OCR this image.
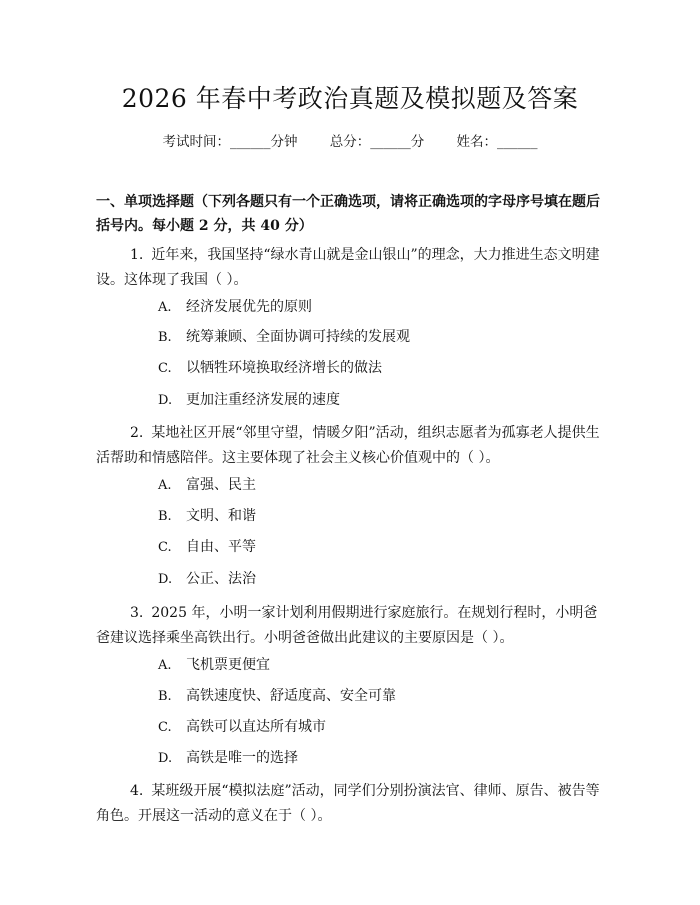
2026 年春中考政治真题及模拟题及答案
考试时间：______分钟 总分：______分 姓名：______
一、单项选择题（下列各题只有一个正确选项，请将正确选项的字母序号填在题后括号内。每小题 2 分，共 40 分）
1. 近年来，我国坚持“绿水青山就是金山银山”的理念，大力推进生态文明建设。这体现了我国（ ）。
A. 经济发展优先的原则
B. 统筹兼顾、全面协调可持续的发展观
C. 以牺牲环境换取经济增长的做法
D. 更加注重经济发展的速度
2. 某地社区开展“邻里守望，情暖夕阳”活动，组织志愿者为孤寡老人提供生活帮助和情感陪伴。这主要体现了社会主义核心价值观中的（ ）。
A. 富强、民主
B. 文明、和谐
C. 自由、平等
D. 公正、法治
3. 2025 年，小明一家计划利用假期进行家庭旅行。在规划行程时，小明爸爸建议选择乘坐高铁出行。小明爸爸做出此建议的主要原因是（ ）。
A. 飞机票更便宜
B. 高铁速度快、舒适度高、安全可靠
C. 高铁可以直达所有城市
D. 高铁是唯一的选择
4. 某班级开展“模拟法庭”活动，同学们分别扮演法官、律师、原告、被告等角色。开展这一活动的意义在于（ ）。
